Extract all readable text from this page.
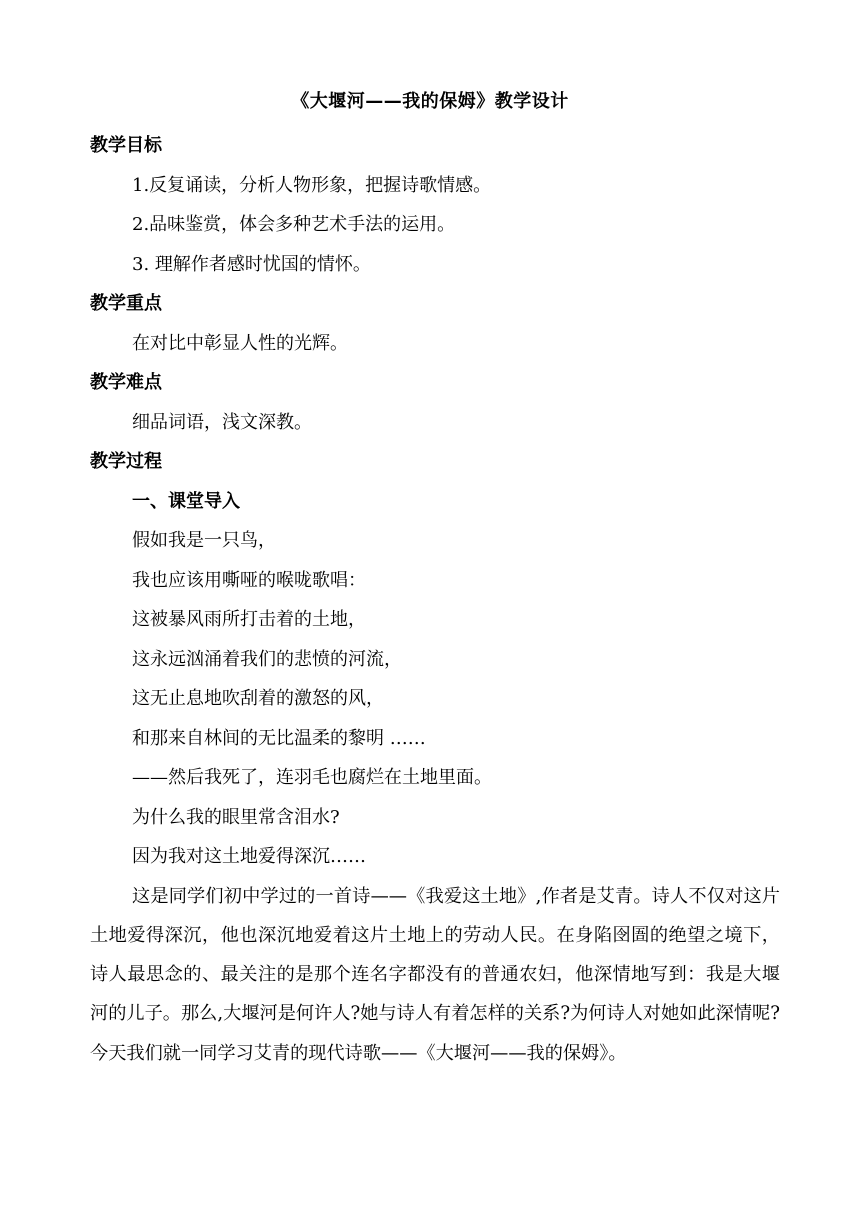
《大堰河——我的保姆》教学设计
教学目标
1.反复诵读，分析人物形象，把握诗歌情感。
2.品味鉴赏，体会多种艺术手法的运用。
3. 理解作者感时忧国的情怀。
教学重点
在对比中彰显人性的光辉。
教学难点
细品词语，浅文深教。
教学过程
一、课堂导入
假如我是一只鸟，
我也应该用嘶哑的喉咙歌唱：
这被暴风雨所打击着的土地，
这永远汹涌着我们的悲愤的河流，
这无止息地吹刮着的激怒的风，
和那来自林间的无比温柔的黎明 ……
——然后我死了，连羽毛也腐烂在土地里面。
为什么我的眼里常含泪水?
因为我对这土地爱得深沉……

这是同学们初中学过的一首诗——《我爱这土地》,作者是艾青。诗人不仅对这片土地爱得深沉，他也深沉地爱着这片土地上的劳动人民。在身陷囹圄的绝望之境下，诗人最思念的、最关注的是那个连名字都没有的普通农妇，他深情地写到：我是大堰河的儿子。那么,大堰河是何许人?她与诗人有着怎样的关系?为何诗人对她如此深情呢? 今天我们就一同学习艾青的现代诗歌——《大堰河——我的保姆》。
